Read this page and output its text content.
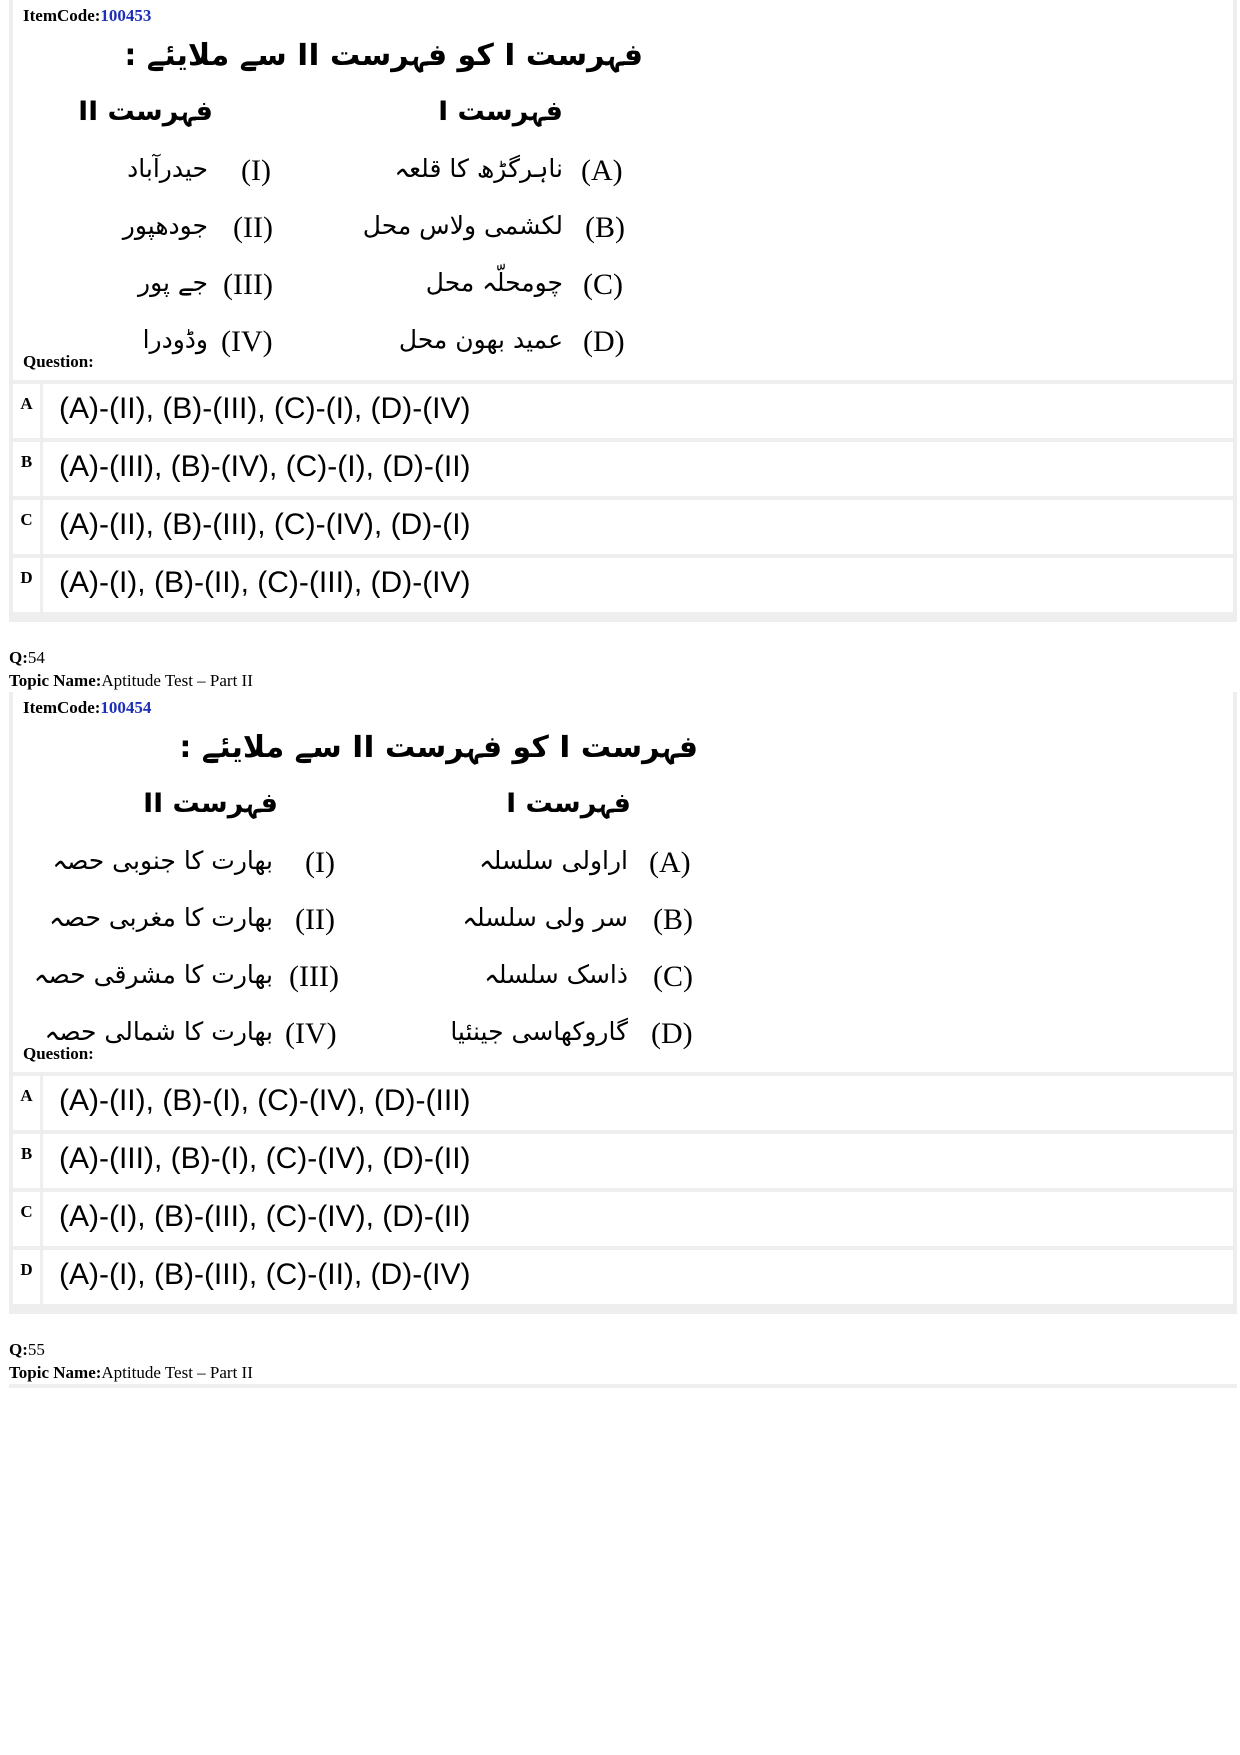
ItemCode:100453
فہرست I کو فہرست II سے ملایئے :
فہرست II	فہرست I
حیدرآباد (I)
جودھپور (II)
جے پور (III)
وڈودرا (IV)
ناہرگڑھ کا قلعہ (A)
لکشمی ولاس محل (B)
چومحلّہ محل (C)
عمید بھون محل (D)
Question:
A (A)-(II), (B)-(III), (C)-(I), (D)-(IV)
B (A)-(III), (B)-(IV), (C)-(I), (D)-(II)
C (A)-(II), (B)-(III), (C)-(IV), (D)-(I)
D (A)-(I), (B)-(II), (C)-(III), (D)-(IV)
Q:54
Topic Name:Aptitude Test – Part II
ItemCode:100454
فہرست I کو فہرست II سے ملایئے :
فہرست II	فہرست I
بھارت کا جنوبی حصہ (I)
بھارت کا مغربی حصہ (II)
بھارت کا مشرقی حصہ (III)
بھارت کا شمالی حصہ (IV)
اراولی سلسلہ (A)
سر ولی سلسلہ (B)
ذاسک سلسلہ (C)
گاروکھاسی جینئیا (D)
Question:
A (A)-(II), (B)-(I), (C)-(IV), (D)-(III)
B (A)-(III), (B)-(I), (C)-(IV), (D)-(II)
C (A)-(I), (B)-(III), (C)-(IV), (D)-(II)
D (A)-(I), (B)-(III), (C)-(II), (D)-(IV)
Q:55
Topic Name:Aptitude Test – Part II
